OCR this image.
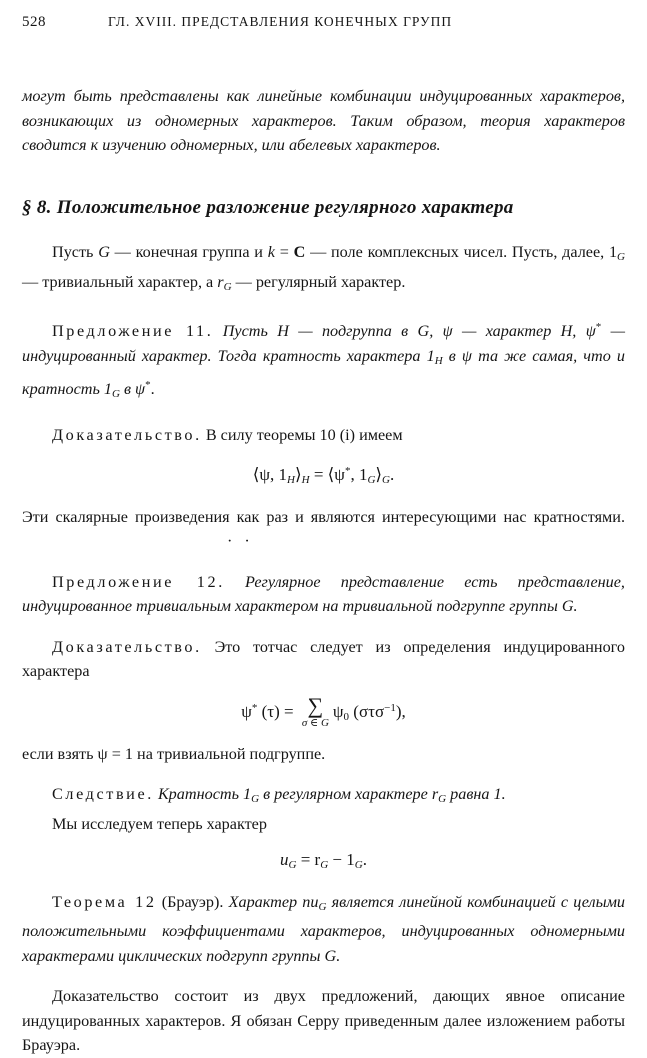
528	ГЛ. XVIII. ПРЕДСТАВЛЕНИЯ КОНЕЧНЫХ ГРУПП

могут быть представлены как линейные комбинации индуцированных характеров, возникающих из одномерных характеров. Таким образом, теория характеров сводится к изучению одномерных, или абелевых характеров.

§ 8. Положительное разложение регулярного характера

Пусть G — конечная группа и k = C — поле комплексных чисел. Пусть, далее, $1_G$ — тривиальный характер, а $r_G$ — регулярный характер.

Предложение 11. Пусть H — подгруппа в G, ψ — характер H, ψ* — индуцированный характер. Тогда кратность характера $1_H$ в ψ та же самая, что и кратность $1_G$ в ψ*.

Доказательство. В силу теоремы 10 (i) имеем

⟨ψ, $1_H⟩_H$ = ⟨ψ*, $1_G⟩_G$.

Эти скалярные произведения как раз и являются интересующими нас кратностями.· ·

Предложение 12. Регулярное представление есть представление, индуцированное тривиальным характером на тривиальной подгруппе группы G.

Доказательство. Это тотчас следует из определения индуцированного характера

ψ* (τ) = ∑
σ ∈ G
$\psi_0$ (στσ$^{-1}$),

если взять ψ = 1 на тривиальной подгруппе.

Следствие. Кратность $1_G$ в регулярном характере $r_G$ равна 1.

Мы исследуем теперь характер

$u_G = r_G - 1_G$.

Теорема 12 (Брауэр). Характер $nu_G$ является линейной комбинацией с целыми положительными коэффициентами характеров, индуцированных одномерными характерами циклических подгрупп группы G.

Доказательство состоит из двух предложений, дающих явное описание индуцированных характеров. Я обязан Серру приведенным далее изложением работы Брауэра.
